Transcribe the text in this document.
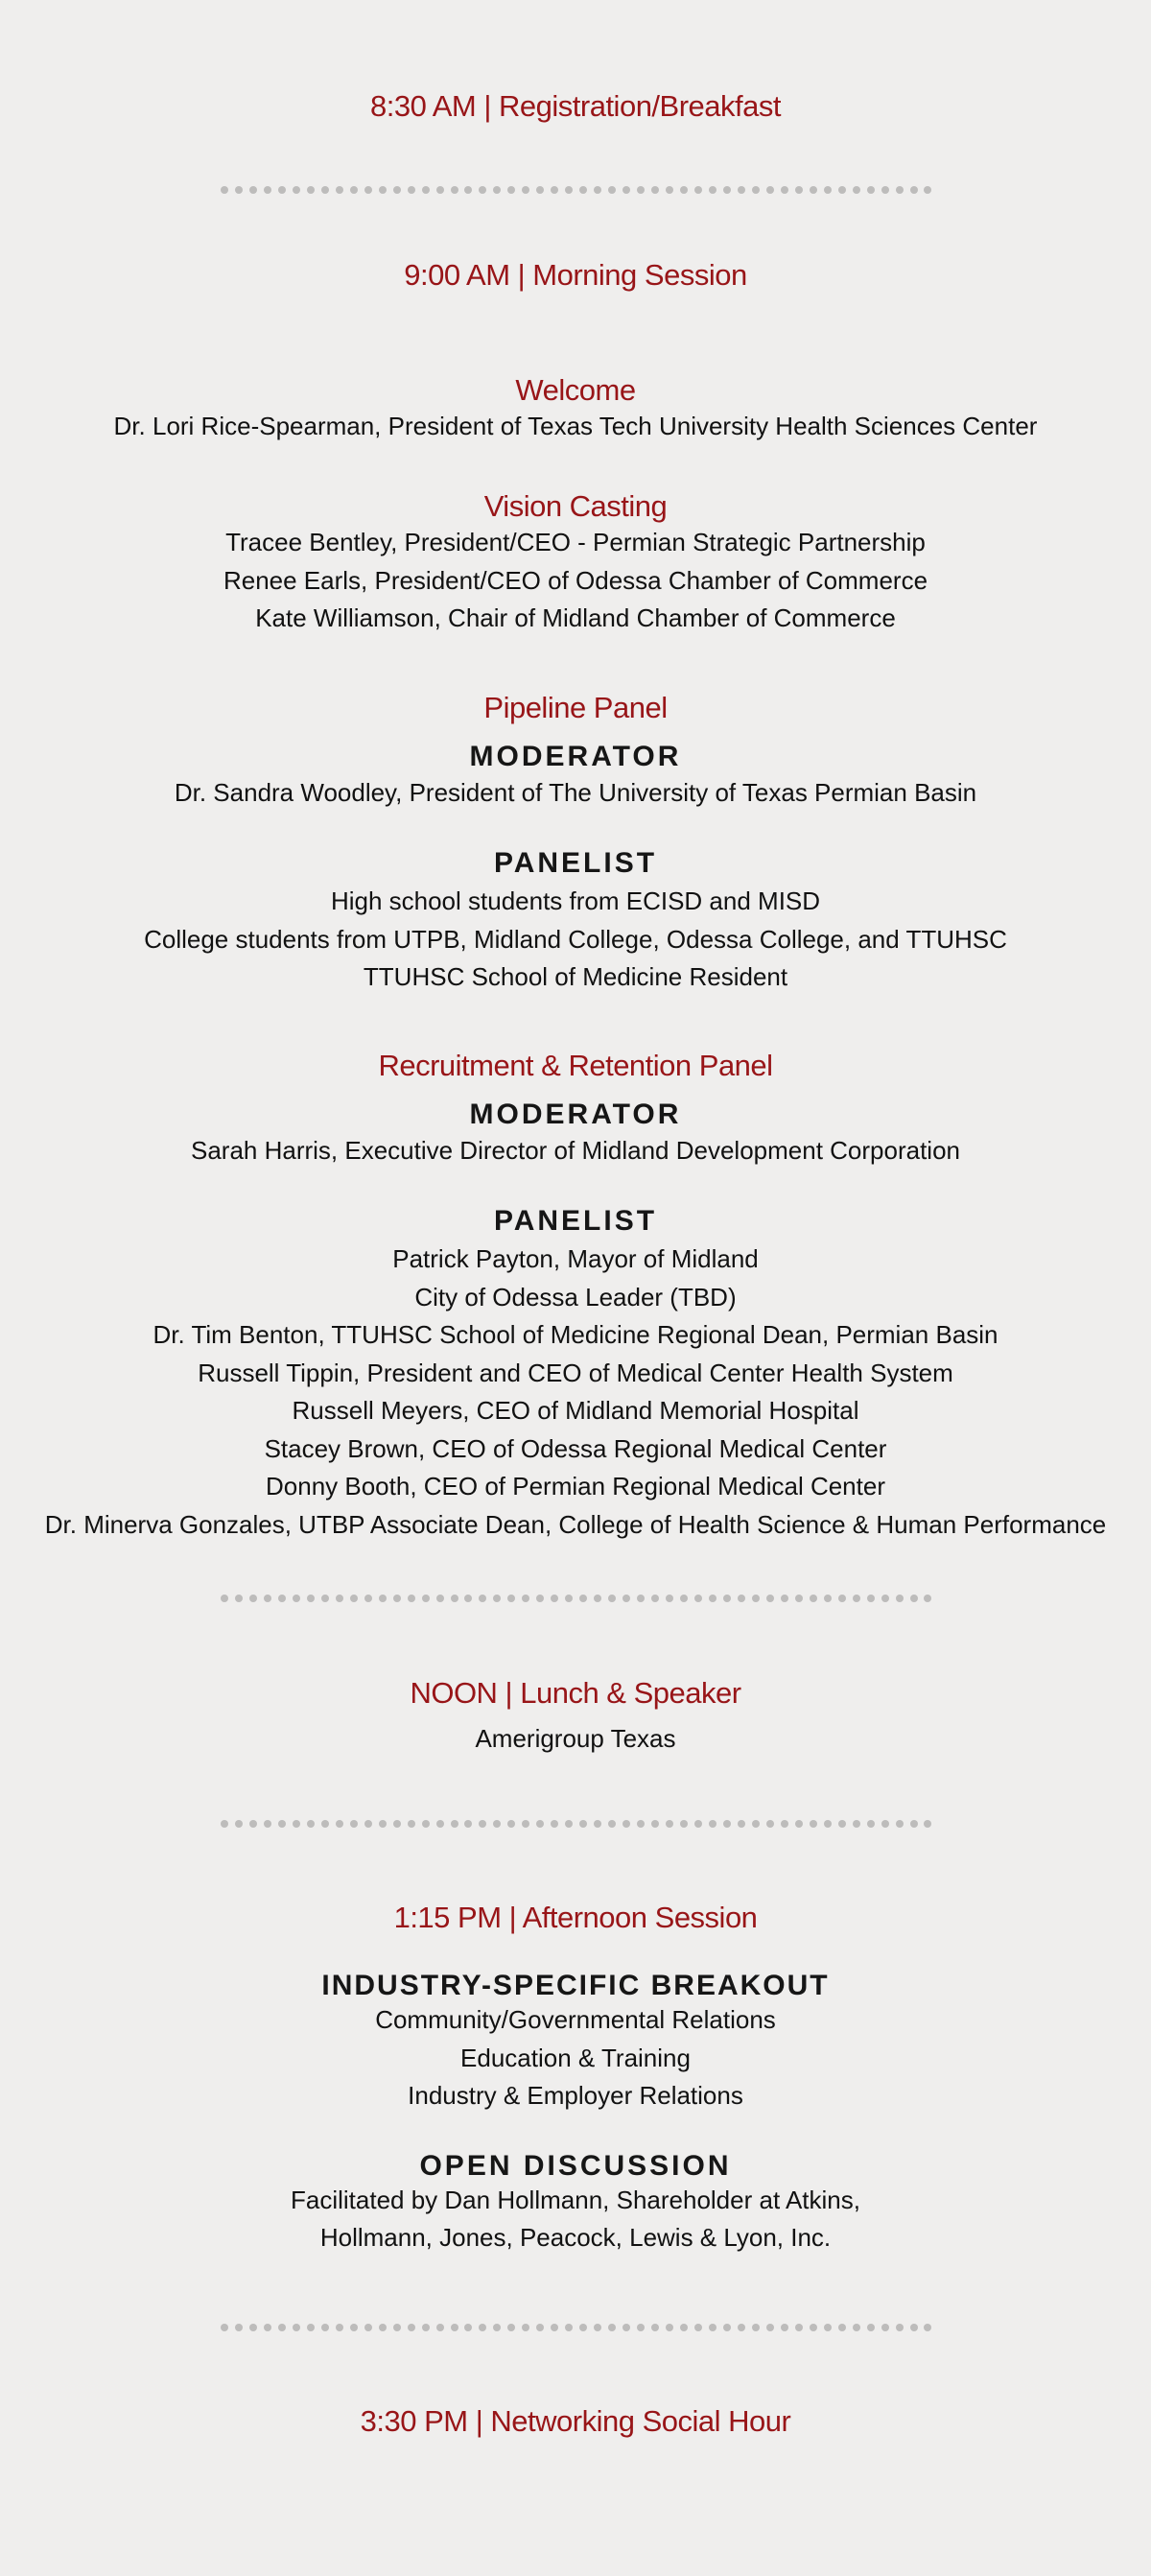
8:30 AM | Registration/Breakfast

9:00 AM | Morning Session

Welcome

Dr. Lori Rice-Spearman, President of Texas Tech University Health Sciences Center

Vision Casting

Tracee Bentley, President/CEO - Permian Strategic Partnership

Renee Earls, President/CEO of Odessa Chamber of Commerce

Kate Williamson, Chair of Midland Chamber of Commerce

Pipeline Panel

MODERATOR

Dr. Sandra Woodley, President of The University of Texas Permian Basin

PANELIST

High school students from ECISD and MISD

College students from UTPB, Midland College, Odessa College, and TTUHSC

TTUHSC School of Medicine Resident

Recruitment & Retention Panel

MODERATOR

Sarah Harris, Executive Director of Midland Development Corporation

PANELIST

Patrick Payton, Mayor of Midland

City of Odessa Leader (TBD)

Dr. Tim Benton, TTUHSC School of Medicine Regional Dean, Permian Basin

Russell Tippin, President and CEO of Medical Center Health System

Russell Meyers, CEO of Midland Memorial Hospital

Stacey Brown, CEO of Odessa Regional Medical Center

Donny Booth, CEO of Permian Regional Medical Center

Dr. Minerva Gonzales, UTBP Associate Dean, College of Health Science & Human Performance

NOON | Lunch & Speaker

Amerigroup Texas

1:15 PM | Afternoon Session

INDUSTRY-SPECIFIC BREAKOUT

Community/Governmental Relations

Education & Training

Industry & Employer Relations

OPEN DISCUSSION

Facilitated by Dan Hollmann, Shareholder at Atkins,

Hollmann, Jones, Peacock, Lewis & Lyon, Inc.

3:30 PM | Networking Social Hour
